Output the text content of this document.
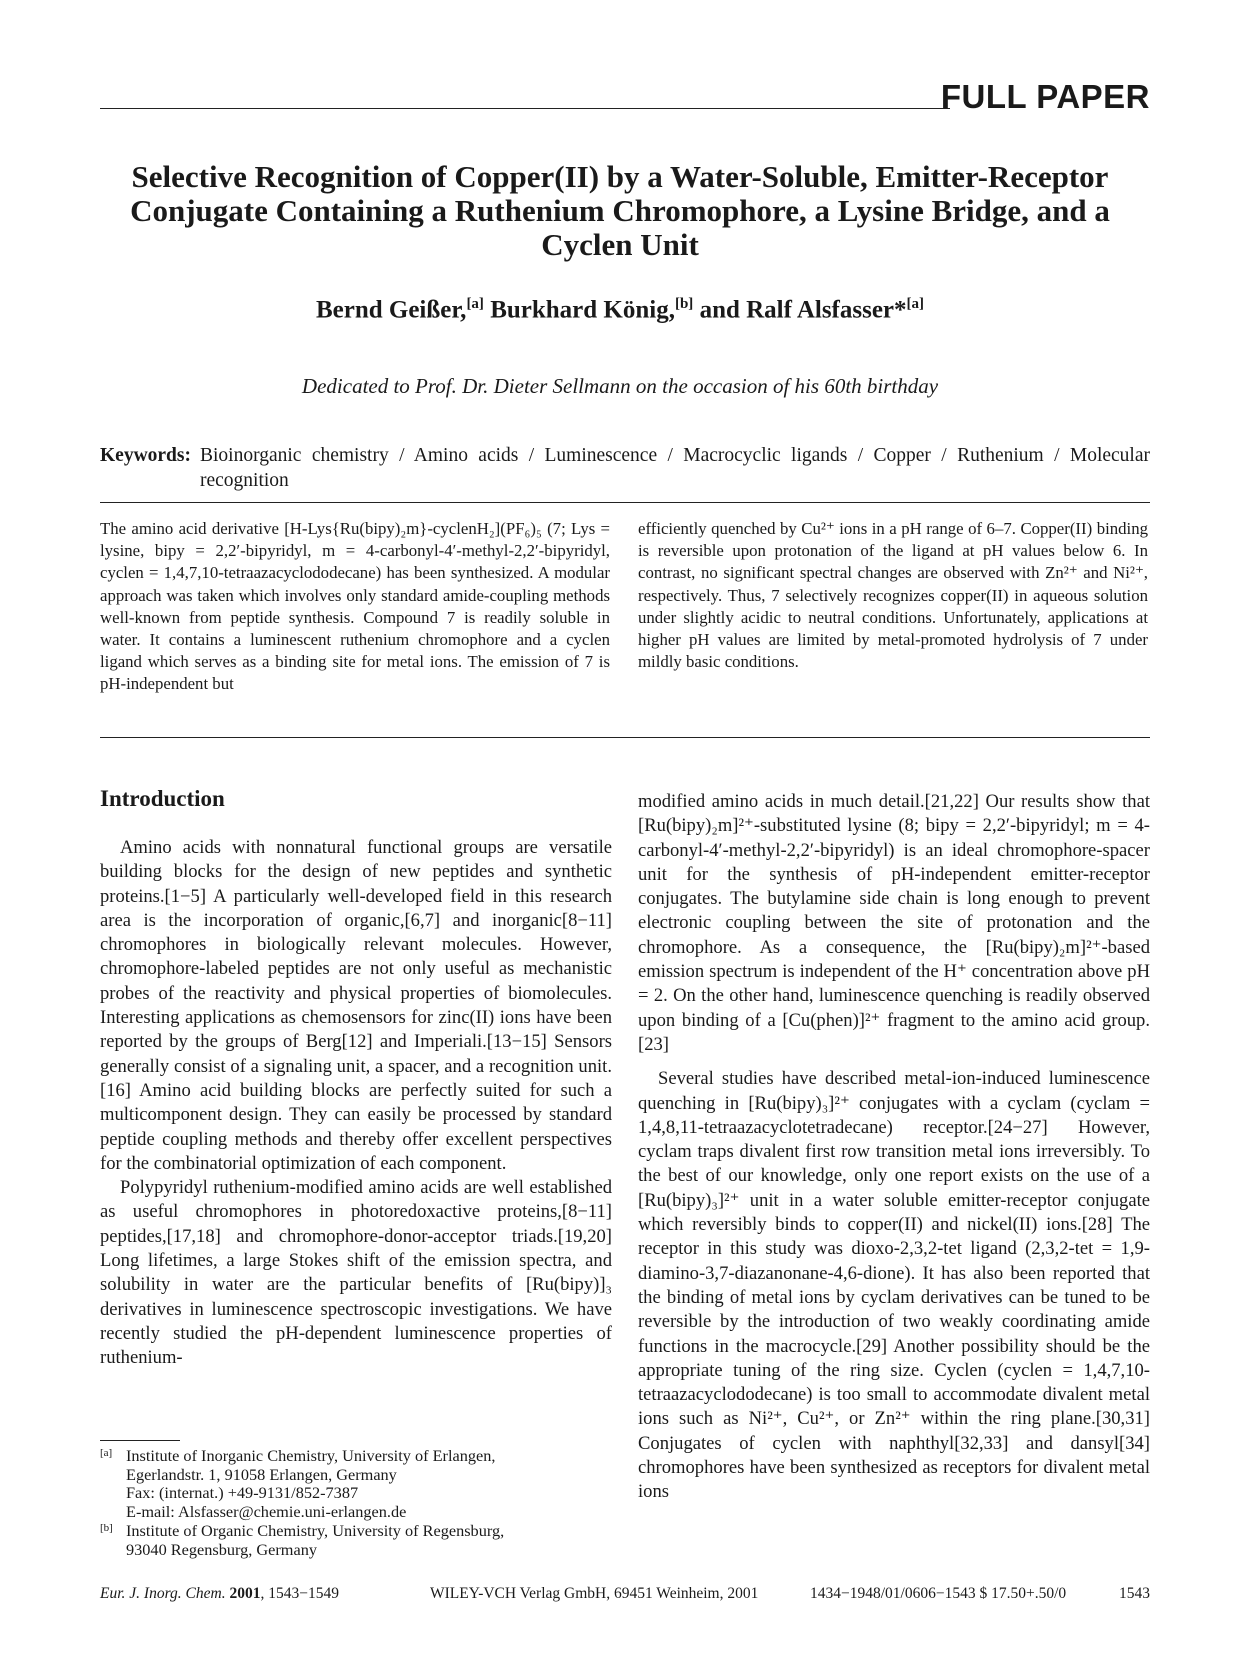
FULL PAPER
Selective Recognition of Copper(II) by a Water-Soluble, Emitter-Receptor Conjugate Containing a Ruthenium Chromophore, a Lysine Bridge, and a Cyclen Unit
Bernd Geißer,[a] Burkhard König,[b] and Ralf Alsfasser*[a]
Dedicated to Prof. Dr. Dieter Sellmann on the occasion of his 60th birthday
Keywords: Bioinorganic chemistry / Amino acids / Luminescence / Macrocyclic ligands / Copper / Ruthenium / Molecular recognition
The amino acid derivative [H-Lys{Ru(bipy)₂m}-cyclenH₂](PF₆)₅ (7; Lys = lysine, bipy = 2,2′-bipyridyl, m = 4-carbonyl-4′-methyl-2,2′-bipyridyl, cyclen = 1,4,7,10-tetraazacyclododecane) has been synthesized. A modular approach was taken which involves only standard amide-coupling methods well-known from peptide synthesis. Compound 7 is readily soluble in water. It contains a luminescent ruthenium chromophore and a cyclen ligand which serves as a binding site for metal ions. The emission of 7 is pH-independent but
efficiently quenched by Cu²⁺ ions in a pH range of 6–7. Copper(II) binding is reversible upon protonation of the ligand at pH values below 6. In contrast, no significant spectral changes are observed with Zn²⁺ and Ni²⁺, respectively. Thus, 7 selectively recognizes copper(II) in aqueous solution under slightly acidic to neutral conditions. Unfortunately, applications at higher pH values are limited by metal-promoted hydrolysis of 7 under mildly basic conditions.
Introduction

Amino acids with nonnatural functional groups are versatile building blocks for the design of new peptides and synthetic proteins.[1−5] A particularly well-developed field in this research area is the incorporation of organic,[6,7] and inorganic[8−11] chromophores in biologically relevant molecules. However, chromophore-labeled peptides are not only useful as mechanistic probes of the reactivity and physical properties of biomolecules. Interesting applications as chemosensors for zinc(II) ions have been reported by the groups of Berg[12] and Imperiali.[13−15] Sensors generally consist of a signaling unit, a spacer, and a recognition unit.[16] Amino acid building blocks are perfectly suited for such a multicomponent design. They can easily be processed by standard peptide coupling methods and thereby offer excellent perspectives for the combinatorial optimization of each component.

Polypyridyl ruthenium-modified amino acids are well established as useful chromophores in photoredoxactive proteins,[8−11] peptides,[17,18] and chromophore-donor-acceptor triads.[19,20] Long lifetimes, a large Stokes shift of the emission spectra, and solubility in water are the particular benefits of [Ru(bipy)]₃ derivatives in luminescence spectroscopic investigations. We have recently studied the pH-dependent luminescence properties of ruthenium-

modified amino acids in much detail.[21,22] Our results show that [Ru(bipy)₂m]²⁺-substituted lysine (8; bipy = 2,2′-bipyridyl; m = 4-carbonyl-4′-methyl-2,2′-bipyridyl) is an ideal chromophore-spacer unit for the synthesis of pH-independent emitter-receptor conjugates. The butylamine side chain is long enough to prevent electronic coupling between the site of protonation and the chromophore. As a consequence, the [Ru(bipy)₂m]²⁺-based emission spectrum is independent of the H⁺ concentration above pH = 2. On the other hand, luminescence quenching is readily observed upon binding of a [Cu(phen)]²⁺ fragment to the amino acid group.[23]

Several studies have described metal-ion-induced luminescence quenching in [Ru(bipy)₃]²⁺ conjugates with a cyclam (cyclam = 1,4,8,11-tetraazacyclotetradecane) receptor.[24−27] However, cyclam traps divalent first row transition metal ions irreversibly. To the best of our knowledge, only one report exists on the use of a [Ru(bipy)₃]²⁺ unit in a water soluble emitter-receptor conjugate which reversibly binds to copper(II) and nickel(II) ions.[28] The receptor in this study was dioxo-2,3,2-tet ligand (2,3,2-tet = 1,9-diamino-3,7-diazanonane-4,6-dione). It has also been reported that the binding of metal ions by cyclam derivatives can be tuned to be reversible by the introduction of two weakly coordinating amide functions in the macrocycle.[29] Another possibility should be the appropriate tuning of the ring size. Cyclen (cyclen = 1,4,7,10-tetraazacyclododecane) is too small to accommodate divalent metal ions such as Ni²⁺, Cu²⁺, or Zn²⁺ within the ring plane.[30,31] Conjugates of cyclen with naphthyl[32,33] and dansyl[34] chromophores have been synthesized as receptors for divalent metal ions

[a] Institute of Inorganic Chemistry, University of Erlangen,
Egerlandstr. 1, 91058 Erlangen, Germany
Fax: (internat.) +49-9131/852-7387
E-mail: Alsfasser@chemie.uni-erlangen.de
[b] Institute of Organic Chemistry, University of Regensburg,
93040 Regensburg, Germany
Eur. J. Inorg. Chem. 2001, 1543−1549	WILEY-VCH Verlag GmbH, 69451 Weinheim, 2001	1434−1948/01/0606−1543 $ 17.50+.50/0	1543
